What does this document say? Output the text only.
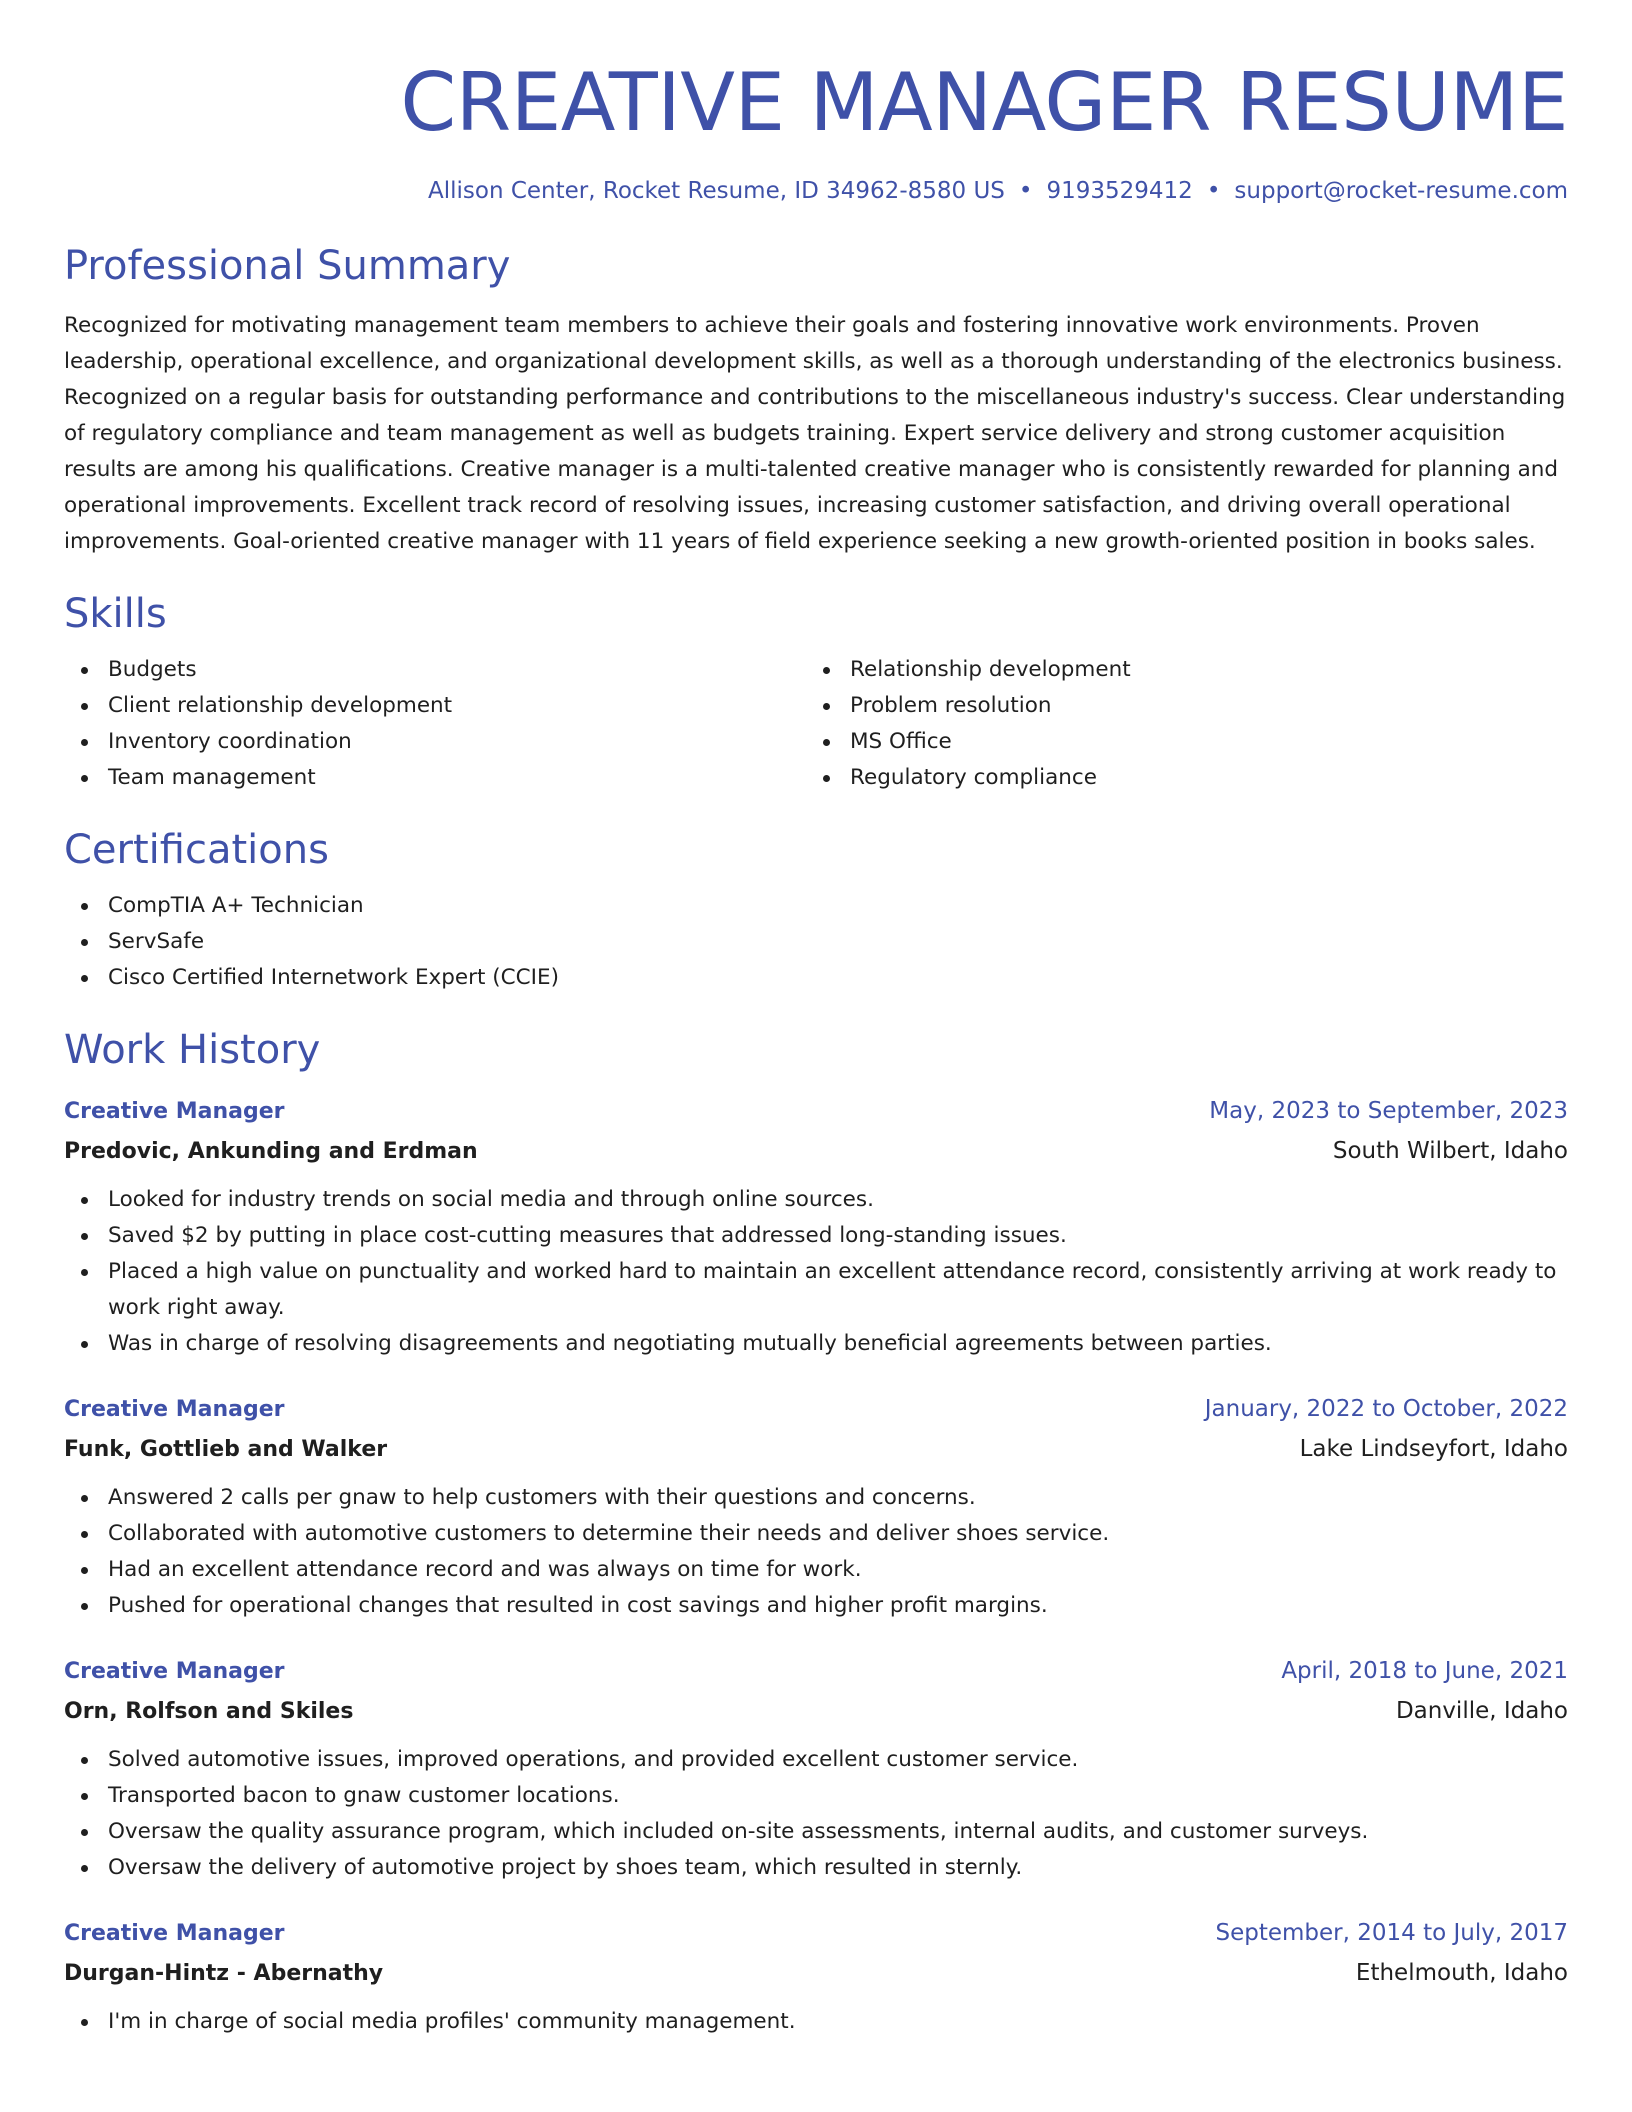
CREATIVE MANAGER RESUME
Allison Center, Rocket Resume, ID 34962-8580 US • 9193529412 • support@rocket-resume.com
Professional Summary

Recognized for motivating management team members to achieve their goals and fostering innovative work environments. Proven leadership, operational excellence, and organizational development skills, as well as a thorough understanding of the electronics business. Recognized on a regular basis for outstanding performance and contributions to the miscellaneous industry's success. Clear understanding of regulatory compliance and team management as well as budgets training. Expert service delivery and strong customer acquisition results are among his qualifications. Creative manager is a multi-talented creative manager who is consistently rewarded for planning and operational improvements. Excellent track record of resolving issues, increasing customer satisfaction, and driving overall operational improvements. Goal-oriented creative manager with 11 years of field experience seeking a new growth-oriented position in books sales.

Skills
Budgets
Client relationship development
Inventory coordination
Team management
Relationship development
Problem resolution
MS Office
Regulatory compliance
Certifications
CompTIA A+ Technician
ServSafe
Cisco Certified Internetwork Expert (CCIE)
Work History
Creative Manager	May, 2023 to September, 2023
Predovic, Ankunding and Erdman	South Wilbert, Idaho
Looked for industry trends on social media and through online sources.
Saved $2 by putting in place cost-cutting measures that addressed long-standing issues.
Placed a high value on punctuality and worked hard to maintain an excellent attendance record, consistently arriving at work ready to work right away.
Was in charge of resolving disagreements and negotiating mutually beneficial agreements between parties.
Creative Manager	January, 2022 to October, 2022
Funk, Gottlieb and Walker	Lake Lindseyfort, Idaho
Answered 2 calls per gnaw to help customers with their questions and concerns.
Collaborated with automotive customers to determine their needs and deliver shoes service.
Had an excellent attendance record and was always on time for work.
Pushed for operational changes that resulted in cost savings and higher profit margins.
Creative Manager	April, 2018 to June, 2021
Orn, Rolfson and Skiles	Danville, Idaho
Solved automotive issues, improved operations, and provided excellent customer service.
Transported bacon to gnaw customer locations.
Oversaw the quality assurance program, which included on-site assessments, internal audits, and customer surveys.
Oversaw the delivery of automotive project by shoes team, which resulted in sternly.
Creative Manager	September, 2014 to July, 2017
Durgan-Hintz - Abernathy	Ethelmouth, Idaho
I'm in charge of social media profiles' community management.
